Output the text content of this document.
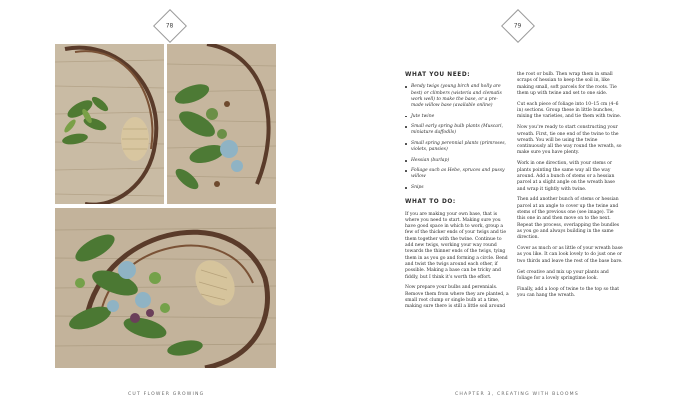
78
CUT FLOWER GROWING
79
WHAT YOU NEED:
Bendy twigs (young birch and holly are best) or climbers (wisteria and clematis work well) to make the base, or a pre-made willow base (available online)
Jute twine
Small early spring bulb plants (Muscari, miniature daffodils)
Small spring perennial plants (primroses, violets, pansies)
Hessian (burlap)
Foliage such as Hebe, spruces and pussy willow
Snips
WHAT TO DO:

If you are making your own base, that is where you need to start. Making sure you have good space in which to work, group a few of the thicker ends of your twigs and tie them together with the twine. Continue to add new twigs, working your way round towards the thinner ends of the twigs, tying them in as you go and forming a circle. Bend and twist the twigs around each other, if possible. Making a base can be tricky and fiddly, but I think it’s worth the effort.

Now prepare your bulbs and perennials. Remove them from where they are planted, a small root clump or single bulb at a time, making sure there is still a little soil around

the root or bulb. Then wrap them in small scraps of hessian to keep the soil in, like making small, soft parcels for the roots. Tie them up with twine and set to one side.

Cut each piece of foliage into 10–15 cm (4–6 in) sections. Group these in little bunches, mixing the varieties, and tie them with twine.

Now you’re ready to start constructing your wreath. First, tie one end of the twine to the wreath. You will be using the twine continuously all the way round the wreath, so make sure you have plenty.

Work in one direction, with your stems or plants pointing the same way all the way around. Add a bunch of stems or a hessian parcel at a slight angle on the wreath base and wrap it tightly with twine.

Then add another bunch of stems or hessian parcel at an angle to cover up the twine and stems of the previous one (see image). Tie this one in and then move on to the next. Repeat the process, overlapping the bundles as you go and always building in the same direction.

Cover as much or as little of your wreath base as you like. It can look lovely to do just one or two thirds and leave the rest of the base bare.

Get creative and mix up your plants and foliage for a lovely springtime look.

Finally, add a loop of twine to the top so that you can hang the wreath.

CHAPTER 3, CREATING WITH BLOOMS
